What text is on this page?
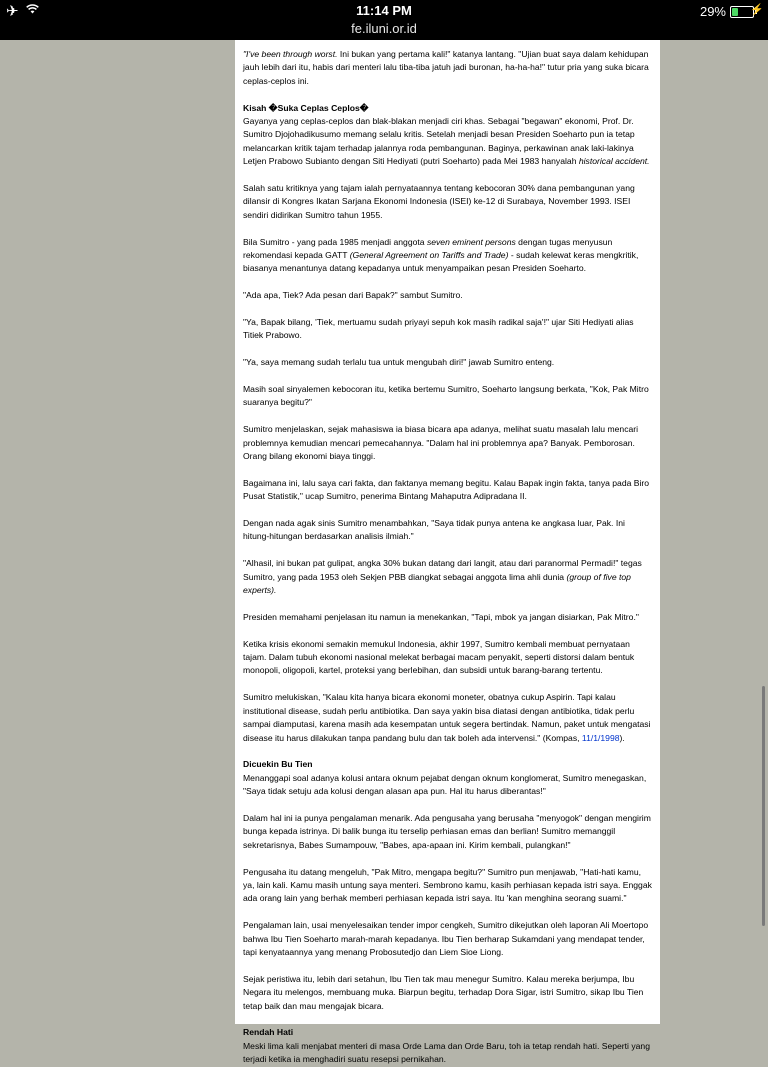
✈	11:14 PM
fe.iluni.or.id
29% ⚡

"I've been through worst. Ini bukan yang pertama kali!" katanya lantang. "Ujian buat saya dalam kehidupan jauh lebih dari itu, habis dari menteri lalu tiba-tiba jatuh jadi buronan, ha-ha-ha!" tutur pria yang suka bicara ceplas-ceplos ini.

Kisah �Suka Ceplas Ceplos�

Gayanya yang ceplas-ceplos dan blak-blakan menjadi ciri khas. Sebagai "begawan" ekonomi, Prof. Dr. Sumitro Djojohadikusumo memang selalu kritis. Setelah menjadi besan Presiden Soeharto pun ia tetap melancarkan kritik tajam terhadap jalannya roda pembangunan. Baginya, perkawinan anak laki-lakinya Letjen Prabowo Subianto dengan Siti Hediyati (putri Soeharto) pada Mei 1983 hanyalah historical accident.

Salah satu kritiknya yang tajam ialah pernyataannya tentang kebocoran 30% dana pembangunan yang dilansir di Kongres Ikatan Sarjana Ekonomi Indonesia (ISEI) ke-12 di Surabaya, November 1993. ISEI sendiri didirikan Sumitro tahun 1955.

Bila Sumitro - yang pada 1985 menjadi anggota seven eminent persons dengan tugas menyusun rekomendasi kepada GATT (General Agreement on Tariffs and Trade) - sudah kelewat keras mengkritik, biasanya menantunya datang kepadanya untuk menyampaikan pesan Presiden Soeharto.

"Ada apa, Tiek? Ada pesan dari Bapak?" sambut Sumitro.

"Ya, Bapak bilang, 'Tiek, mertuamu sudah priyayi sepuh kok masih radikal saja'!" ujar Siti Hediyati alias Titiek Prabowo.

"Ya, saya memang sudah terlalu tua untuk mengubah diri!" jawab Sumitro enteng.

Masih soal sinyalemen kebocoran itu, ketika bertemu Sumitro, Soeharto langsung berkata, "Kok, Pak Mitro suaranya begitu?"

Sumitro menjelaskan, sejak mahasiswa ia biasa bicara apa adanya, melihat suatu masalah lalu mencari problemnya kemudian mencari pemecahannya. "Dalam hal ini problemnya apa? Banyak. Pemborosan. Orang bilang ekonomi biaya tinggi.

Bagaimana ini, lalu saya cari fakta, dan faktanya memang begitu. Kalau Bapak ingin fakta, tanya pada Biro Pusat Statistik," ucap Sumitro, penerima Bintang Mahaputra Adipradana II.

Dengan nada agak sinis Sumitro menambahkan, "Saya tidak punya antena ke angkasa luar, Pak. Ini hitung-hitungan berdasarkan analisis ilmiah."

"Alhasil, ini bukan pat gulipat, angka 30% bukan datang dari langit, atau dari paranormal Permadi!" tegas Sumitro, yang pada 1953 oleh Sekjen PBB diangkat sebagai anggota lima ahli dunia (group of five top experts).

Presiden memahami penjelasan itu namun ia menekankan, "Tapi, mbok ya jangan disiarkan, Pak Mitro."

Ketika krisis ekonomi semakin memukul Indonesia, akhir 1997, Sumitro kembali membuat pernyataan tajam. Dalam tubuh ekonomi nasional melekat berbagai macam penyakit, seperti distorsi dalam bentuk monopoli, oligopoli, kartel, proteksi yang berlebihan, dan subsidi untuk barang-barang tertentu.

Sumitro melukiskan, "Kalau kita hanya bicara ekonomi moneter, obatnya cukup Aspirin. Tapi kalau institutional disease, sudah perlu antibiotika. Dan saya yakin bisa diatasi dengan antibiotika, tidak perlu sampai diamputasi, karena masih ada kesempatan untuk segera bertindak. Namun, paket untuk mengatasi disease itu harus dilakukan tanpa pandang bulu dan tak boleh ada intervensi." (Kompas, 11/1/1998).

Dicuekin Bu Tien

Menanggapi soal adanya kolusi antara oknum pejabat dengan oknum konglomerat, Sumitro menegaskan, "Saya tidak setuju ada kolusi dengan alasan apa pun. Hal itu harus diberantas!"

Dalam hal ini ia punya pengalaman menarik. Ada pengusaha yang berusaha "menyogok" dengan mengirim bunga kepada istrinya. Di balik bunga itu terselip perhiasan emas dan berlian! Sumitro memanggil sekretarisnya, Babes Sumampouw, "Babes, apa-apaan ini. Kirim kembali, pulangkan!"

Pengusaha itu datang mengeluh, "Pak Mitro, mengapa begitu?" Sumitro pun menjawab, "Hati-hati kamu, ya, lain kali. Kamu masih untung saya menteri. Sembrono kamu, kasih perhiasan kepada istri saya. Enggak ada orang lain yang berhak memberi perhiasan kepada istri saya. Itu 'kan menghina seorang suami."

Pengalaman lain, usai menyelesaikan tender impor cengkeh, Sumitro dikejutkan oleh laporan Ali Moertopo bahwa Ibu Tien Soeharto marah-marah kepadanya. Ibu Tien berharap Sukamdani yang mendapat tender, tapi kenyataannya yang menang Probosutedjo dan Liem Sioe Liong.

Sejak peristiwa itu, lebih dari setahun, Ibu Tien tak mau menegur Sumitro. Kalau mereka berjumpa, Ibu Negara itu melengos, membuang muka. Biarpun begitu, terhadap Dora Sigar, istri Sumitro, sikap Ibu Tien tetap baik dan mau mengajak bicara.

Rendah Hati

Meski lima kali menjabat menteri di masa Orde Lama dan Orde Baru, toh ia tetap rendah hati. Seperti yang terjadi ketika ia menghadiri suatu resepsi pernikahan.
